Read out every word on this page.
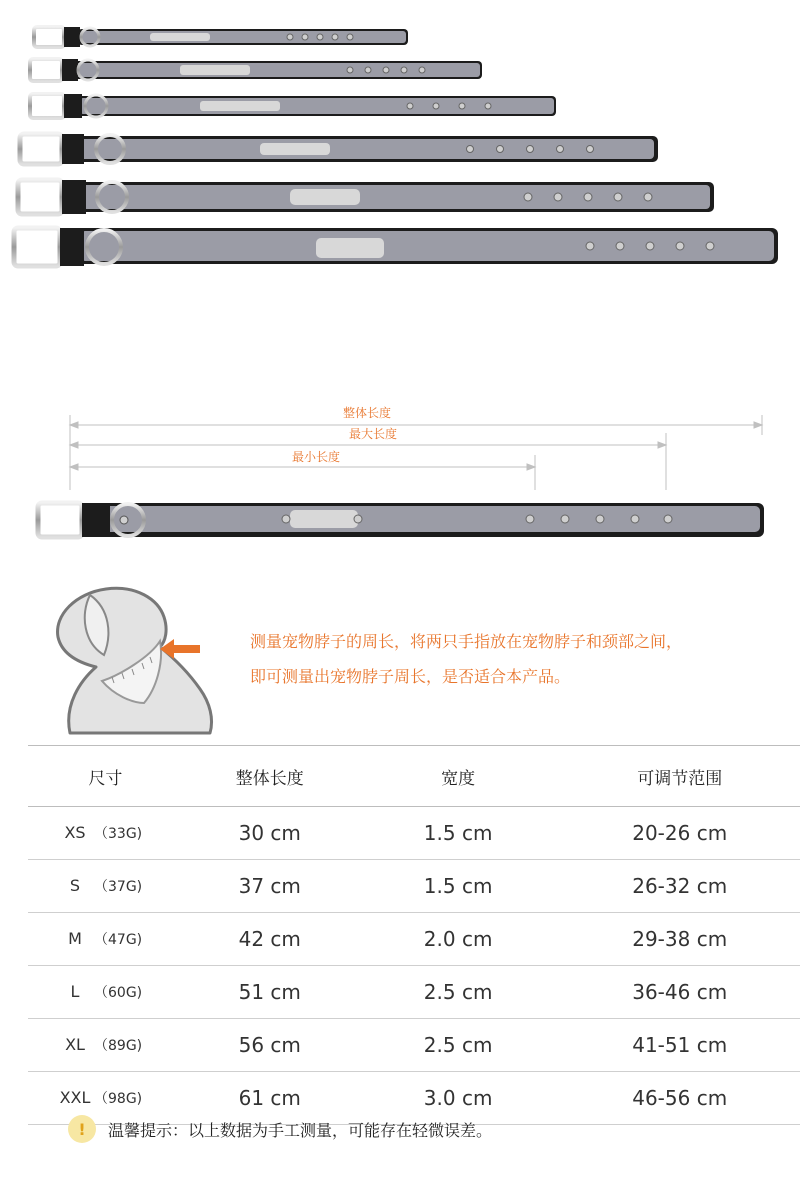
整体长度
最大长度
最小长度
测量宠物脖子的周长，将两只手指放在宠物脖子和颈部之间，即可测量出宠物脖子周长，是否适合本产品。
尺寸	整体长度	宽度	可调节范围
XS （33G)	30 cm	1.5 cm	20-26 cm
S （37G)	37 cm	1.5 cm	26-32 cm
M （47G)	42 cm	2.0 cm	29-38 cm
L （60G)	51 cm	2.5 cm	36-46 cm
XL （89G)	56 cm	2.5 cm	41-51 cm
XXL （98G)	61 cm	3.0 cm	46-56 cm
!	温馨提示：以上数据为手工测量，可能存在轻微误差。
